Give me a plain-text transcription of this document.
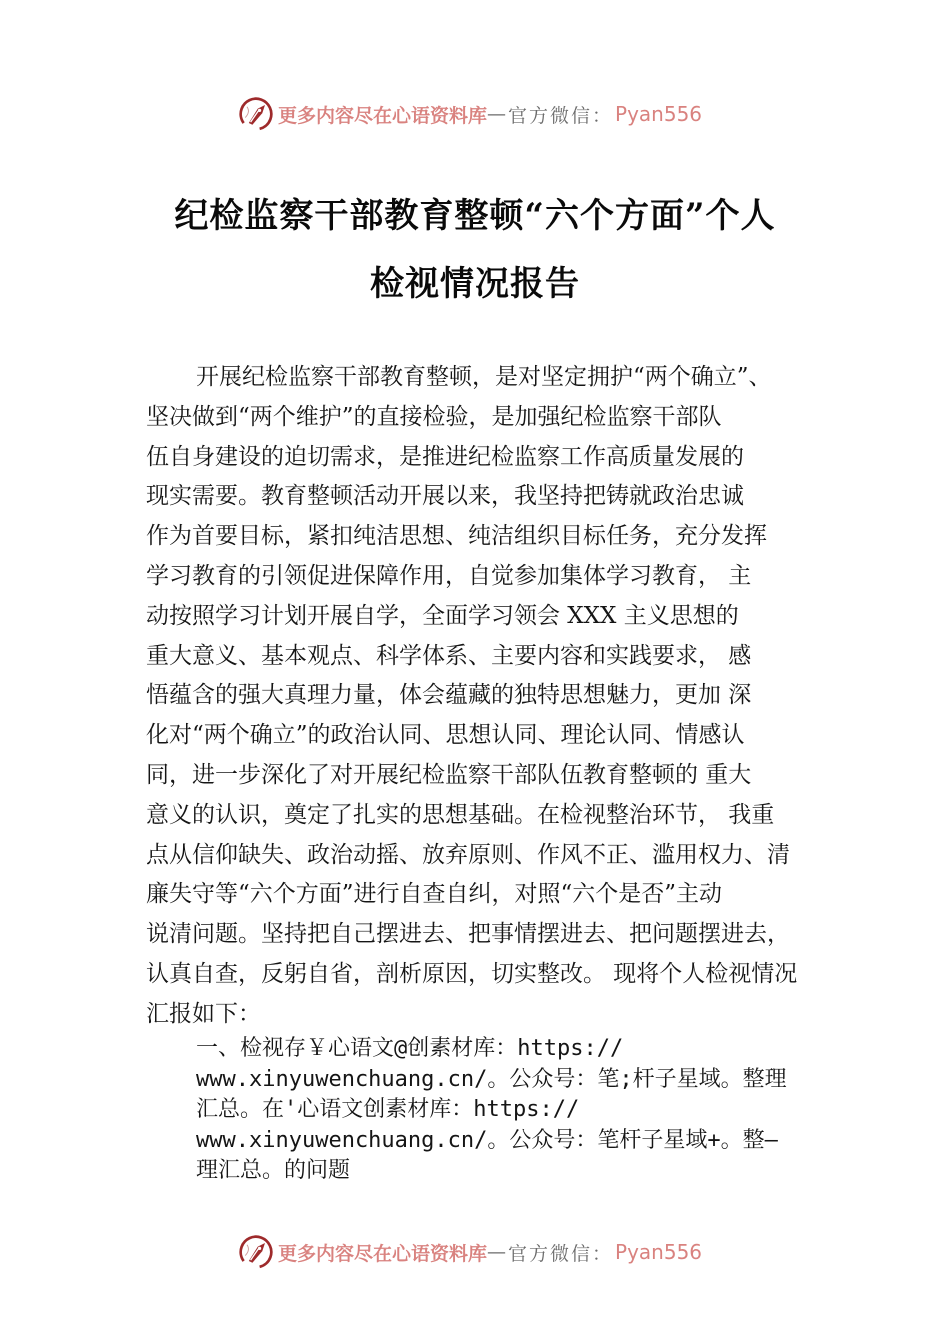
更多内容尽在心语资料库 — 官方微信： Pyan556
纪检监察干部教育整顿“六个方面”个人
检视情况报告
开展纪检监察干部教育整顿，是对坚定拥护“两个确立”、
坚决做到“两个维护”的直接检验，是加强纪检监察干部队
伍自身建设的迫切需求，是推进纪检监察工作高质量发展的
现实需要。教育整顿活动开展以来，我坚持把铸就政治忠诚
作为首要目标，紧扣纯洁思想、纯洁组织目标任务，充分发挥
学习教育的引领促进保障作用，自觉参加集体学习教育， 主
动按照学习计划开展自学，全面学习领会 XXX 主义思想的
重大意义、基本观点、科学体系、主要内容和实践要求， 感
悟蕴含的强大真理力量，体会蕴藏的独特思想魅力，更加 深
化对“两个确立”的政治认同、思想认同、理论认同、情感认
同，进一步深化了对开展纪检监察干部队伍教育整顿的 重大
意义的认识，奠定了扎实的思想基础。在检视整治环节， 我重
点从信仰缺失、政治动摇、放弃原则、作风不正、滥用权力、清
廉失守等“六个方面”进行自查自纠，对照“六个是否”主动
说清问题。坚持把自己摆进去、把事情摆进去、把问题摆进去，
认真自查，反躬自省，剖析原因，切实整改。 现将个人检视情况
汇报如下：
一、检视存￥心语文@创素材库：https://
www.xinyuwenchuang.cn/。公众号：笔;杆子星域。整理
汇总。在'心语文创素材库：https://
www.xinyuwenchuang.cn/。公众号：笔杆子星域+。整—
理汇总。的问题
更多内容尽在心语资料库 — 官方微信： Pyan556
